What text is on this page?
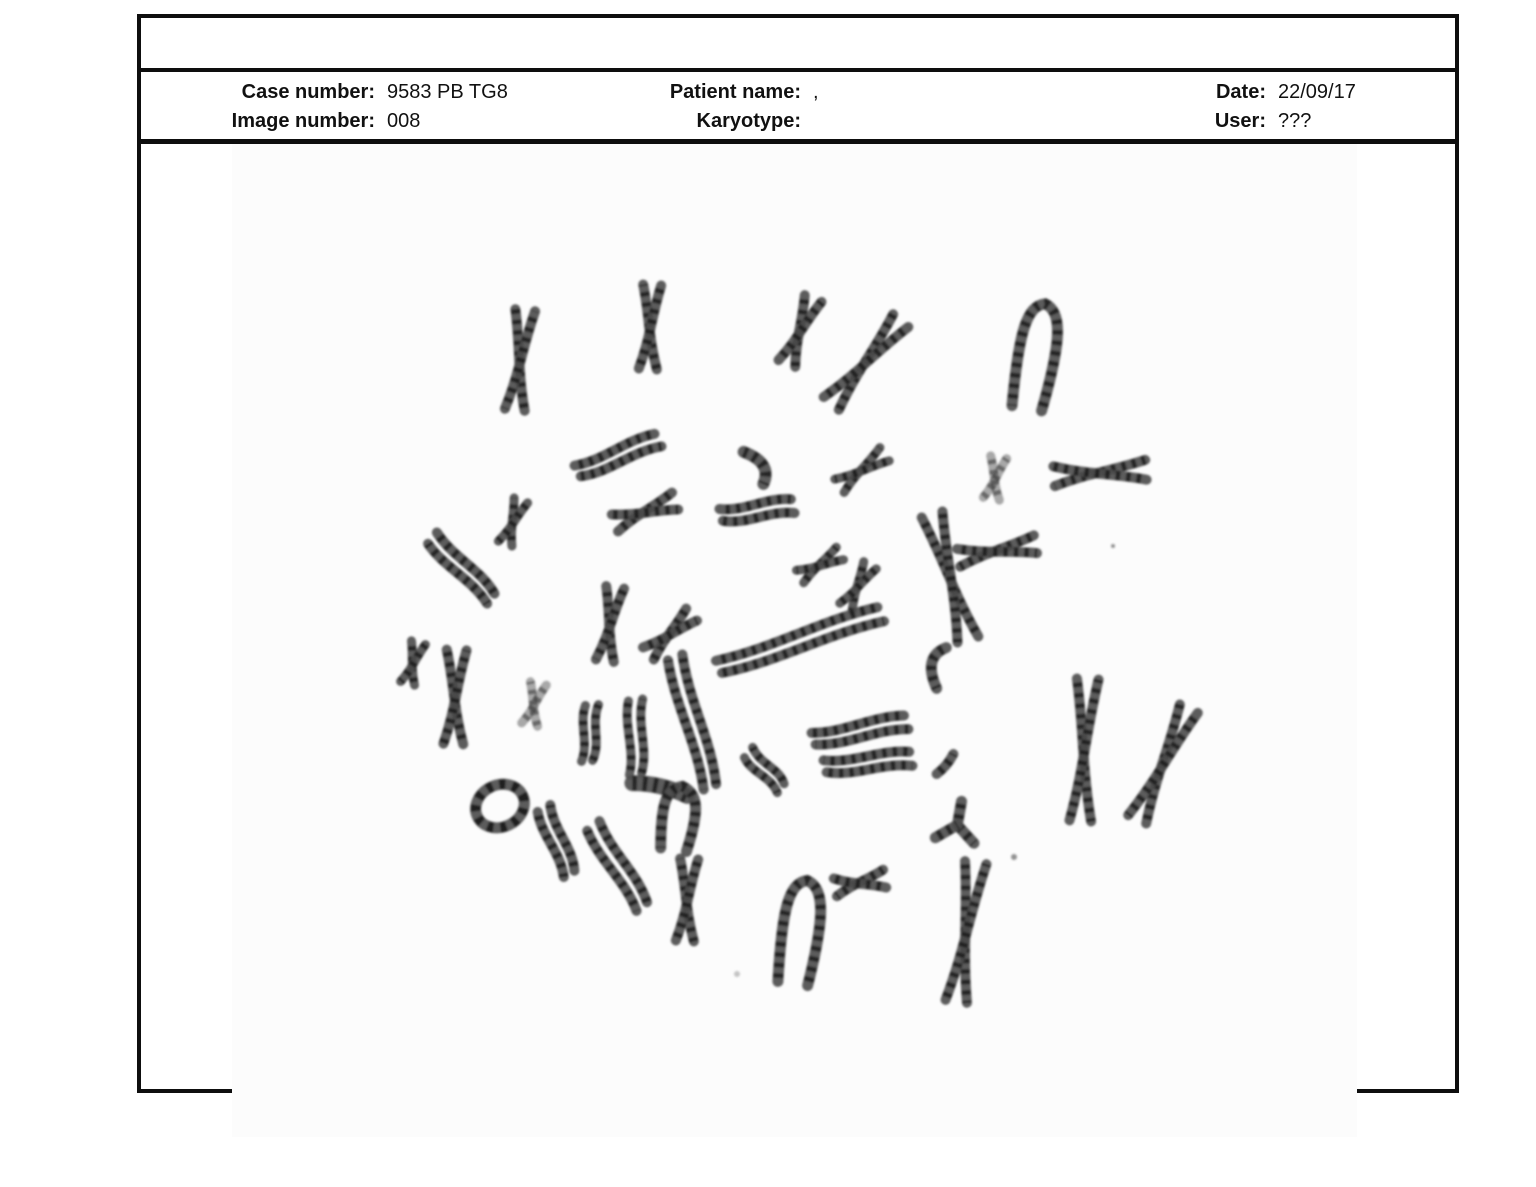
Case number: 9583 PB TG8
Image number: 008
Patient name: ,
Karyotype:
Date: 22/09/17
User: ???
